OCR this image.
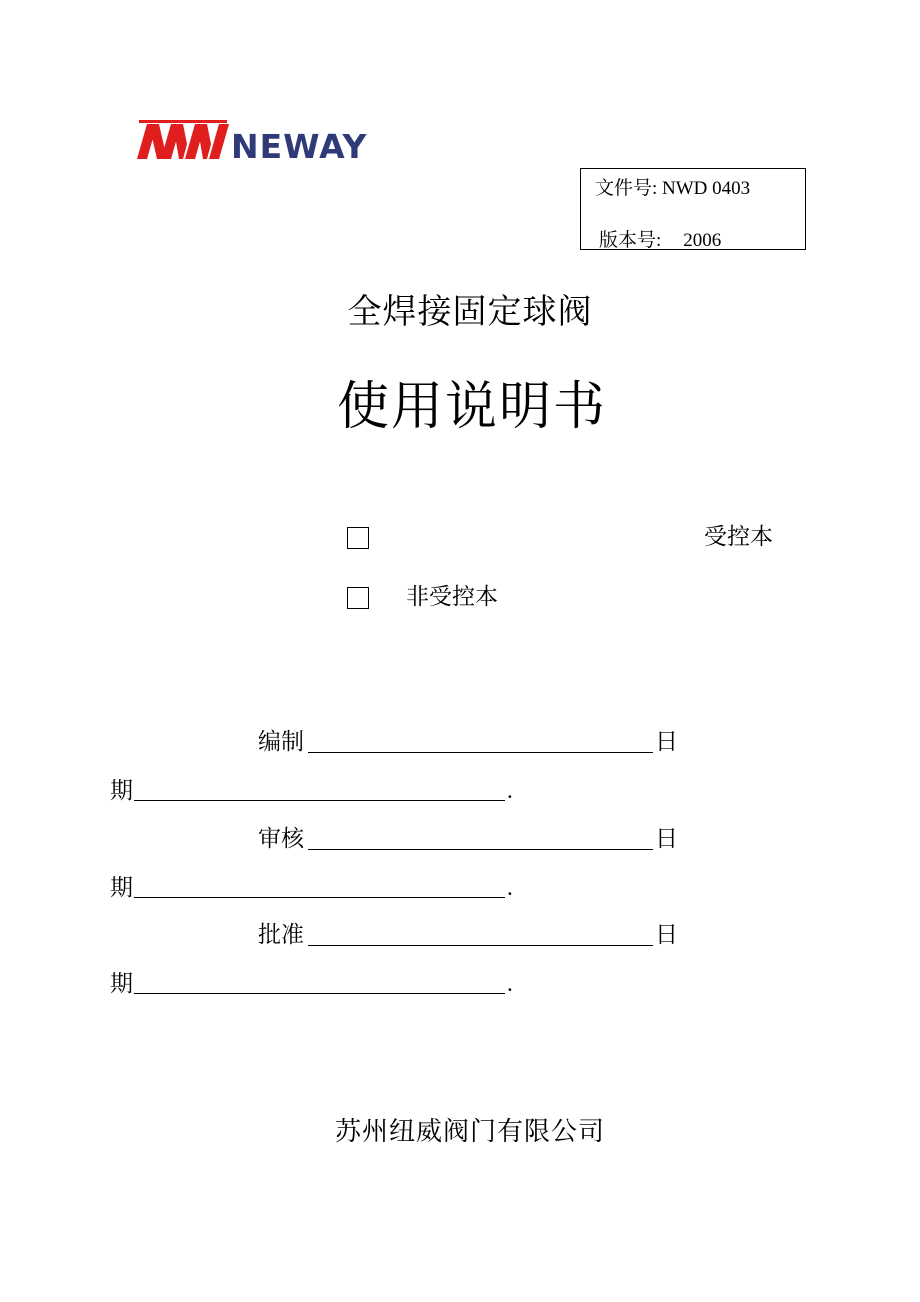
NEWAY
文件号: NWD 0403
版本号: 2006
全焊接固定球阀
使用说明书
受控本
非受控本
编制	日
期	.
审核	日
期	.
批准	日
期	.
苏州纽威阀门有限公司
